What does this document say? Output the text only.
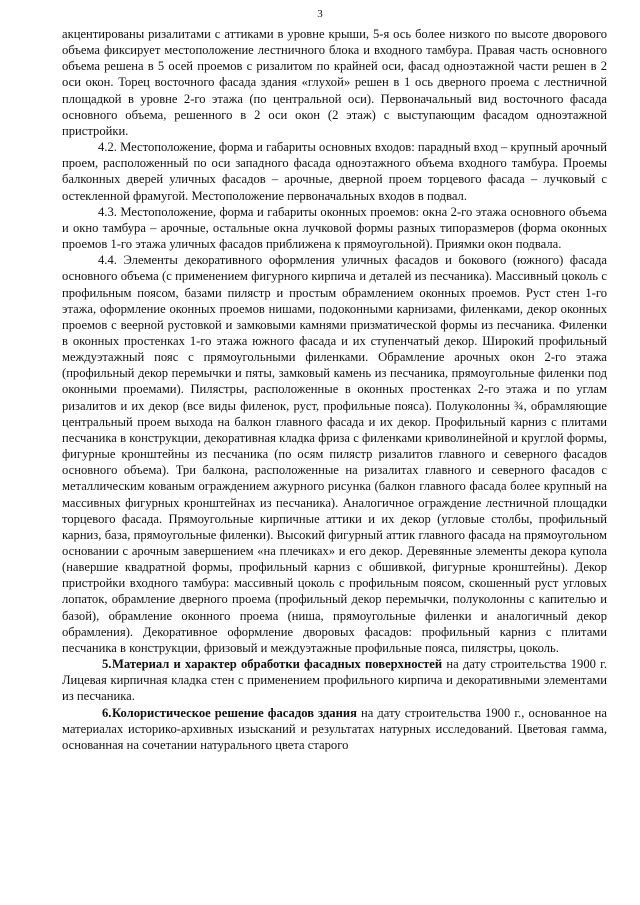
3

акцентированы ризалитами с аттиками в уровне крыши, 5-я ось более низкого по высоте дворового объема фиксирует местоположение лестничного блока и входного тамбура. Правая часть основного объема решена в 5 осей проемов с ризалитом по крайней оси, фасад одноэтажной части решен в 2 оси окон. Торец восточного фасада здания «глухой» решен в 1 ось дверного проема с лестничной площадкой в уровне 2-го этажа (по центральной оси). Первоначальный вид восточного фасада основного объема, решенного в 2 оси окон (2 этаж) с выступающим фасадом одноэтажной пристройки.

4.2. Местоположение, форма и габариты основных входов: парадный вход – крупный арочный проем, расположенный по оси западного фасада одноэтажного объема входного тамбура. Проемы балконных дверей уличных фасадов – арочные, дверной проем торцевого фасада – лучковый с остекленной фрамугой. Местоположение первоначальных входов в подвал.

4.3. Местоположение, форма и габариты оконных проемов: окна 2-го этажа основного объема и окно тамбура – арочные, остальные окна лучковой формы разных типоразмеров (форма оконных проемов 1-го этажа уличных фасадов приближена к прямоугольной). Приямки окон подвала.

4.4. Элементы декоративного оформления уличных фасадов и бокового (южного) фасада основного объема (с применением фигурного кирпича и деталей из песчаника). Массивный цоколь с профильным поясом, базами пилястр и простым обрамлением оконных проемов. Руст стен 1-го этажа, оформление оконных проемов нишами, подоконными карнизами, филенками, декор оконных проемов с веерной рустовкой и замковыми камнями призматической формы из песчаника. Филенки в оконных простенках 1-го этажа южного фасада и их ступенчатый декор. Широкий профильный междуэтажный пояс с прямоугольными филенками. Обрамление арочных окон 2-го этажа (профильный декор перемычки и пяты, замковый камень из песчаника, прямоугольные филенки под оконными проемами). Пилястры, расположенные в оконных простенках 2-го этажа и по углам ризалитов и их декор (все виды филенок, руст, профильные пояса). Полуколонны ¾, обрамляющие центральный проем выхода на балкон главного фасада и их декор. Профильный карниз с плитами песчаника в конструкции, декоративная кладка фриза с филенками криволинейной и круглой формы, фигурные кронштейны из песчаника (по осям пилястр ризалитов главного и северного фасадов основного объема). Три балкона, расположенные на ризалитах главного и северного фасадов с металлическим кованым ограждением ажурного рисунка (балкон главного фасада более крупный на массивных фигурных кронштейнах из песчаника). Аналогичное ограждение лестничной площадки торцевого фасада. Прямоугольные кирпичные аттики и их декор (угловые столбы, профильный карниз, база, прямоугольные филенки). Высокий фигурный аттик главного фасада на прямоугольном основании с арочным завершением «на плечиках» и его декор. Деревянные элементы декора купола (навершие квадратной формы, профильный карниз с обшивкой, фигурные кронштейны). Декор пристройки входного тамбура: массивный цоколь с профильным поясом, скошенный руст угловых лопаток, обрамление дверного проема (профильный декор перемычки, полуколонны с капителью и базой), обрамление оконного проема (ниша, прямоугольные филенки и аналогичный декор обрамления). Декоративное оформление дворовых фасадов: профильный карниз с плитами песчаника в конструкции, фризовый и междуэтажные профильные пояса, пилястры, цоколь.

5.Материал и характер обработки фасадных поверхностей на дату строительства 1900 г. Лицевая кирпичная кладка стен с применением профильного кирпича и декоративными элементами из песчаника.

6.Колористическое решение фасадов здания на дату строительства 1900 г., основанное на материалах историко-архивных изысканий и результатах натурных исследований. Цветовая гамма, основанная на сочетании натурального цвета старого
